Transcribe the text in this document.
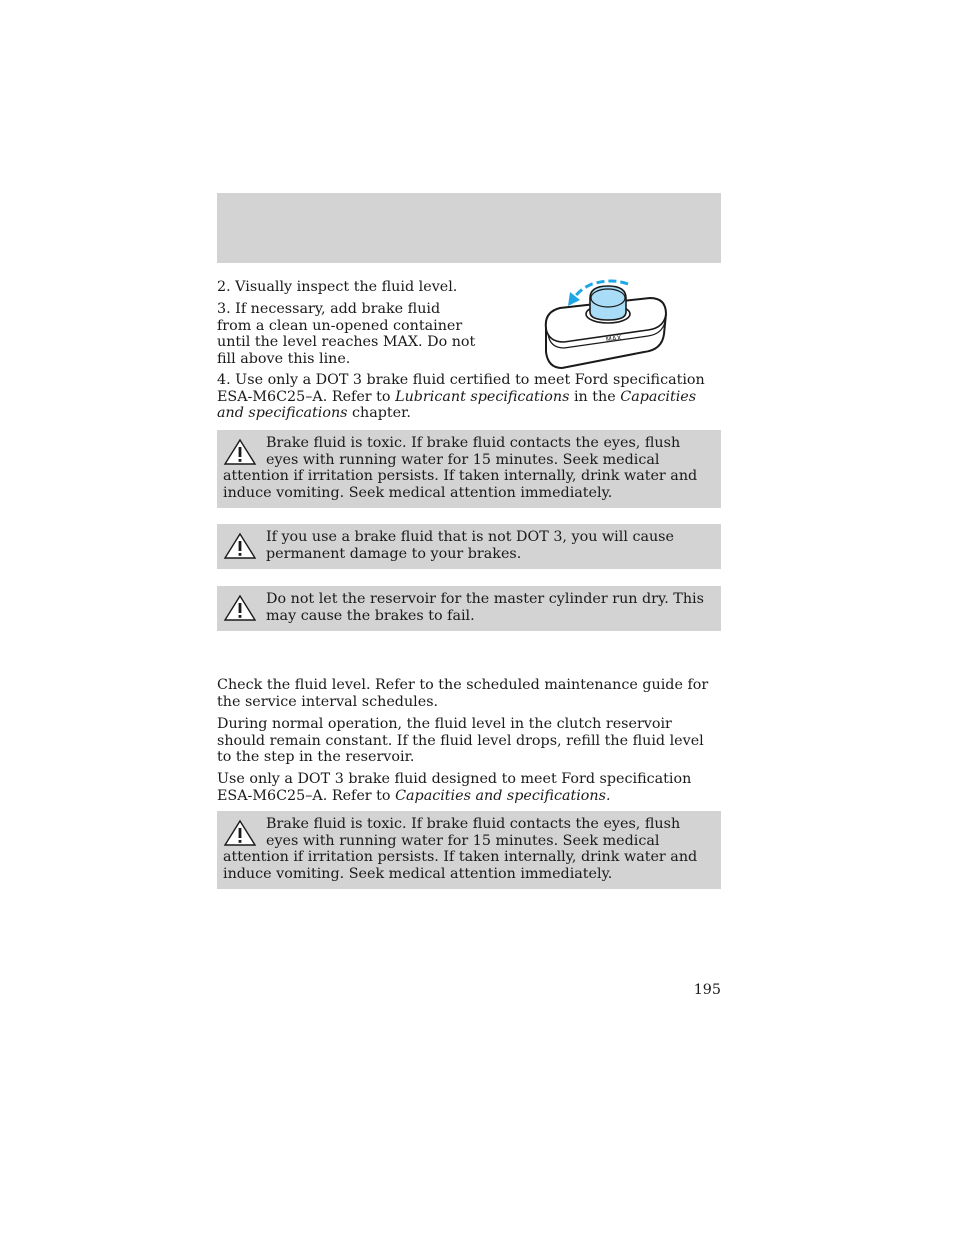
2. Visually inspect the fluid level.

3. If necessary, add brake fluid from a clean un-opened container until the level reaches MAX. Do not fill above this line.

4. Use only a DOT 3 brake fluid certified to meet Ford specification ESA-M6C25–A. Refer to Lubricant specifications in the Capacities and specifications chapter.

MAX

Brake fluid is toxic. If brake fluid contacts the eyes, flush eyes with running water for 15 minutes. Seek medical attention if irritation persists. If taken internally, drink water and induce vomiting. Seek medical attention immediately.

If you use a brake fluid that is not DOT 3, you will cause permanent damage to your brakes.

Do not let the reservoir for the master cylinder run dry. This may cause the brakes to fail.

Check the fluid level. Refer to the scheduled maintenance guide for the service interval schedules.

During normal operation, the fluid level in the clutch reservoir should remain constant. If the fluid level drops, refill the fluid level to the step in the reservoir.

Use only a DOT 3 brake fluid designed to meet Ford specification ESA-M6C25–A. Refer to Capacities and specifications.

Brake fluid is toxic. If brake fluid contacts the eyes, flush eyes with running water for 15 minutes. Seek medical attention if irritation persists. If taken internally, drink water and induce vomiting. Seek medical attention immediately.

195
